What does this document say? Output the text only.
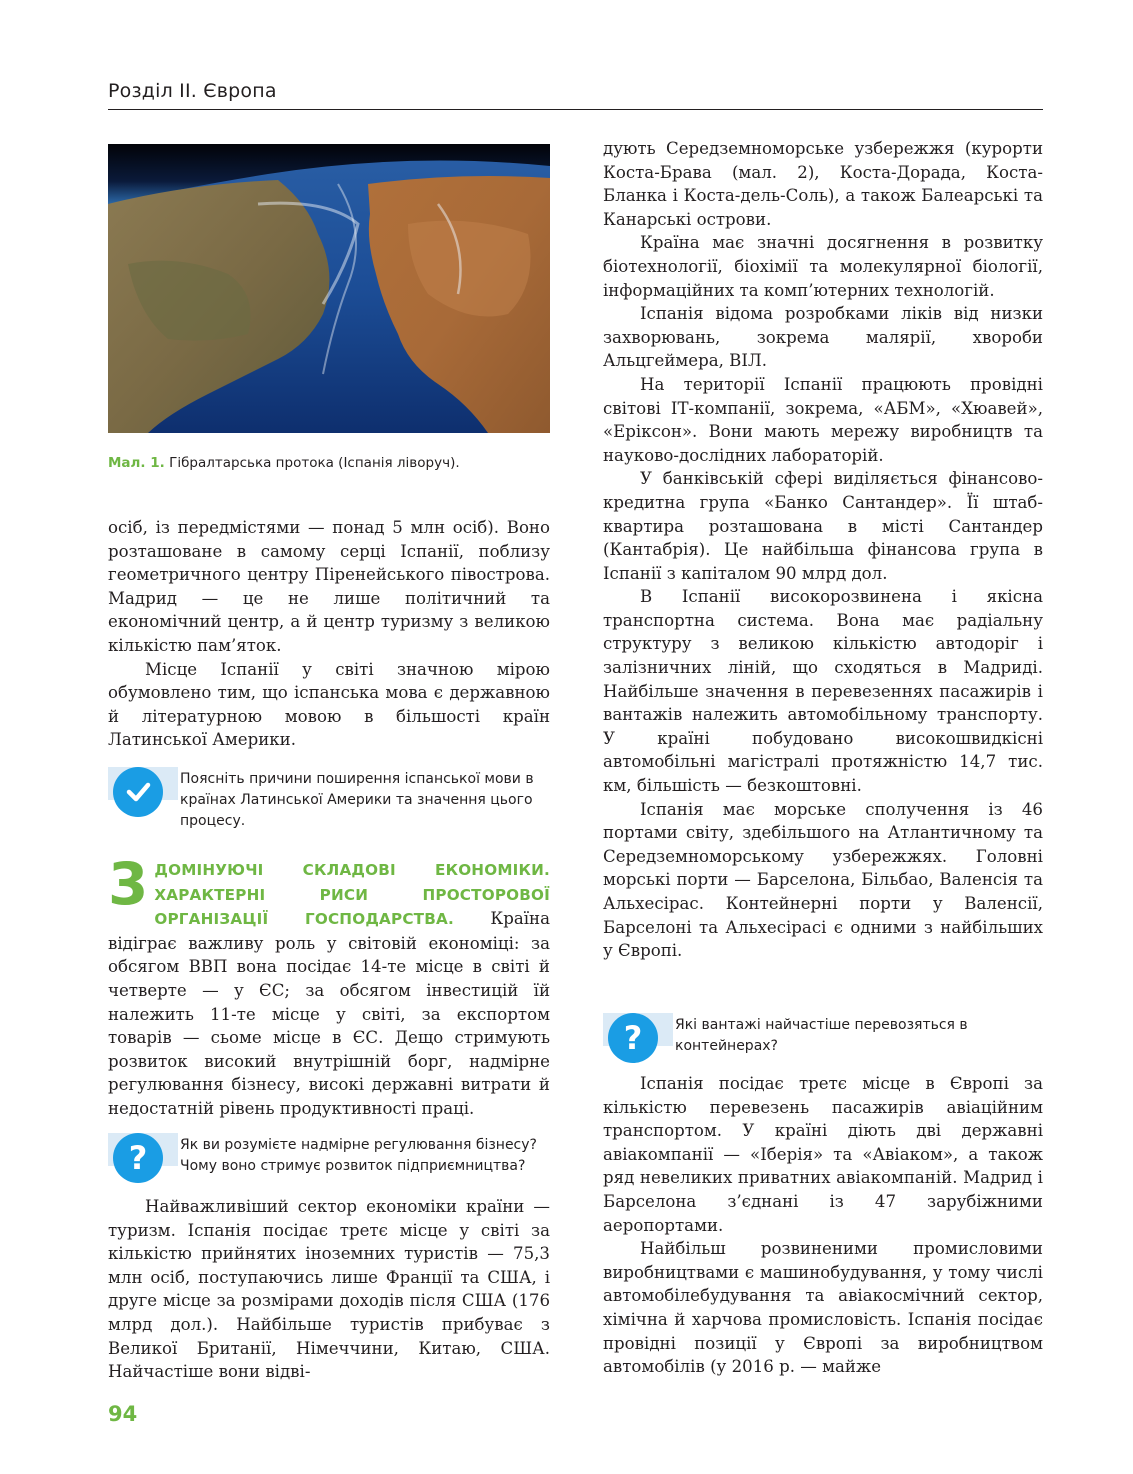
Розділ ІІ. Європа
Мал. 1. Гібралтарська протока (Іспанія ліворуч).

осіб, із передмістями — понад 5 млн осіб). Воно розташоване в самому серці Іспанії, поблизу геометричного центру Піренейського півострова. Мадрид — це не лише політичний та економічний центр, а й центр туризму з великою кількістю пам’яток.

Місце Іспанії у світі значною мірою обумовлено тим, що іспанська мова є державною й літературною мовою в більшості країн Латинської Америки.

Поясніть причини поширення іспанської мови в країнах Латинської Америки та значення цього процесу.
3 ДОМІНУЮЧІ СКЛАДОВІ ЕКОНОМІКИ. ХАРАКТЕРНІ РИСИ ПРОСТОРОВОЇ ОРГАНІЗАЦІЇ ГОСПОДАРСТВА. Країна відіграє важливу роль у світовій економіці: за обсягом ВВП вона посідає 14-те місце в світі й четверте — у ЄС; за обсягом інвестицій їй належить 11-те місце у світі, за експортом товарів — сьоме місце в ЄС. Дещо стримують розвиток високий внутрішній борг, надмірне регулювання бізнесу, високі державні витрати й недостатній рівень продуктивності праці.
? Як ви розумієте надмірне регулювання бізнесу? Чому воно стримує розвиток підприємництва?

Найважливіший сектор економіки країни — туризм. Іспанія посідає третє місце у світі за кількістю прийнятих іноземних туристів — 75,3 млн осіб, поступаючись лише Франції та США, і друге місце за розмірами доходів після США (176 млрд дол.). Найбільше туристів прибуває з Великої Британії, Німеччини, Китаю, США. Найчастіше вони відві-

дують Середземноморське узбережжя (курорти Коста-Брава (мал. 2), Коста-Дорада, Коста-Бланка і Коста-дель-Соль), а також Балеарські та Канарські острови.

Країна має значні досягнення в розвитку біотехнології, біохімії та молекулярної біології, інформаційних та комп’ютерних технологій.

Іспанія відома розробками ліків від низки захворювань, зокрема малярії, хвороби Альцгеймера, ВІЛ.

На території Іспанії працюють провідні світові ІТ-компанії, зокрема, «АБМ», «Хюавей», «Еріксон». Вони мають мережу виробництв та науково-дослідних лабораторій.

У банківській сфері виділяється фінансово-кредитна група «Банко Сантандер». Її штаб-квартира розташована в місті Сантандер (Кантабрія). Це найбільша фінансова група в Іспанії з капіталом 90 млрд дол.

В Іспанії високорозвинена і якісна транспортна система. Вона має радіальну структуру з великою кількістю автодоріг і залізничних ліній, що сходяться в Мадриді. Найбільше значення в перевезеннях пасажирів і вантажів належить автомобільному транспорту. У країні побудовано високошвидкісні автомобільні магістралі протяжністю 14,7 тис. км, більшість — безкоштовні.

Іспанія має морське сполучення із 46 портами світу, здебільшого на Атлантичному та Середземноморському узбережжях. Головні морські порти — Барселона, Більбао, Валенсія та Альхесірас. Контейнерні порти у Валенсії, Барселоні та Альхесірасі є одними з найбільших у Європі.

? Які вантажі найчастіше перевозяться в контейнерах?

Іспанія посідає третє місце в Європі за кількістю перевезень пасажирів авіаційним транспортом. У країні діють дві державні авіакомпанії — «Іберія» та «Авіаком», а також ряд невеликих приватних авіакомпаній. Мадрид і Барселона з’єднані із 47 зарубіжними аеропортами.

Найбільш розвиненими промисловими виробництвами є машинобудування, у тому числі автомобілебудування та авіакосмічний сектор, хімічна й харчова промисловість. Іспанія посідає провідні позиції у Європі за виробництвом автомобілів (у 2016 р. — майже

94
